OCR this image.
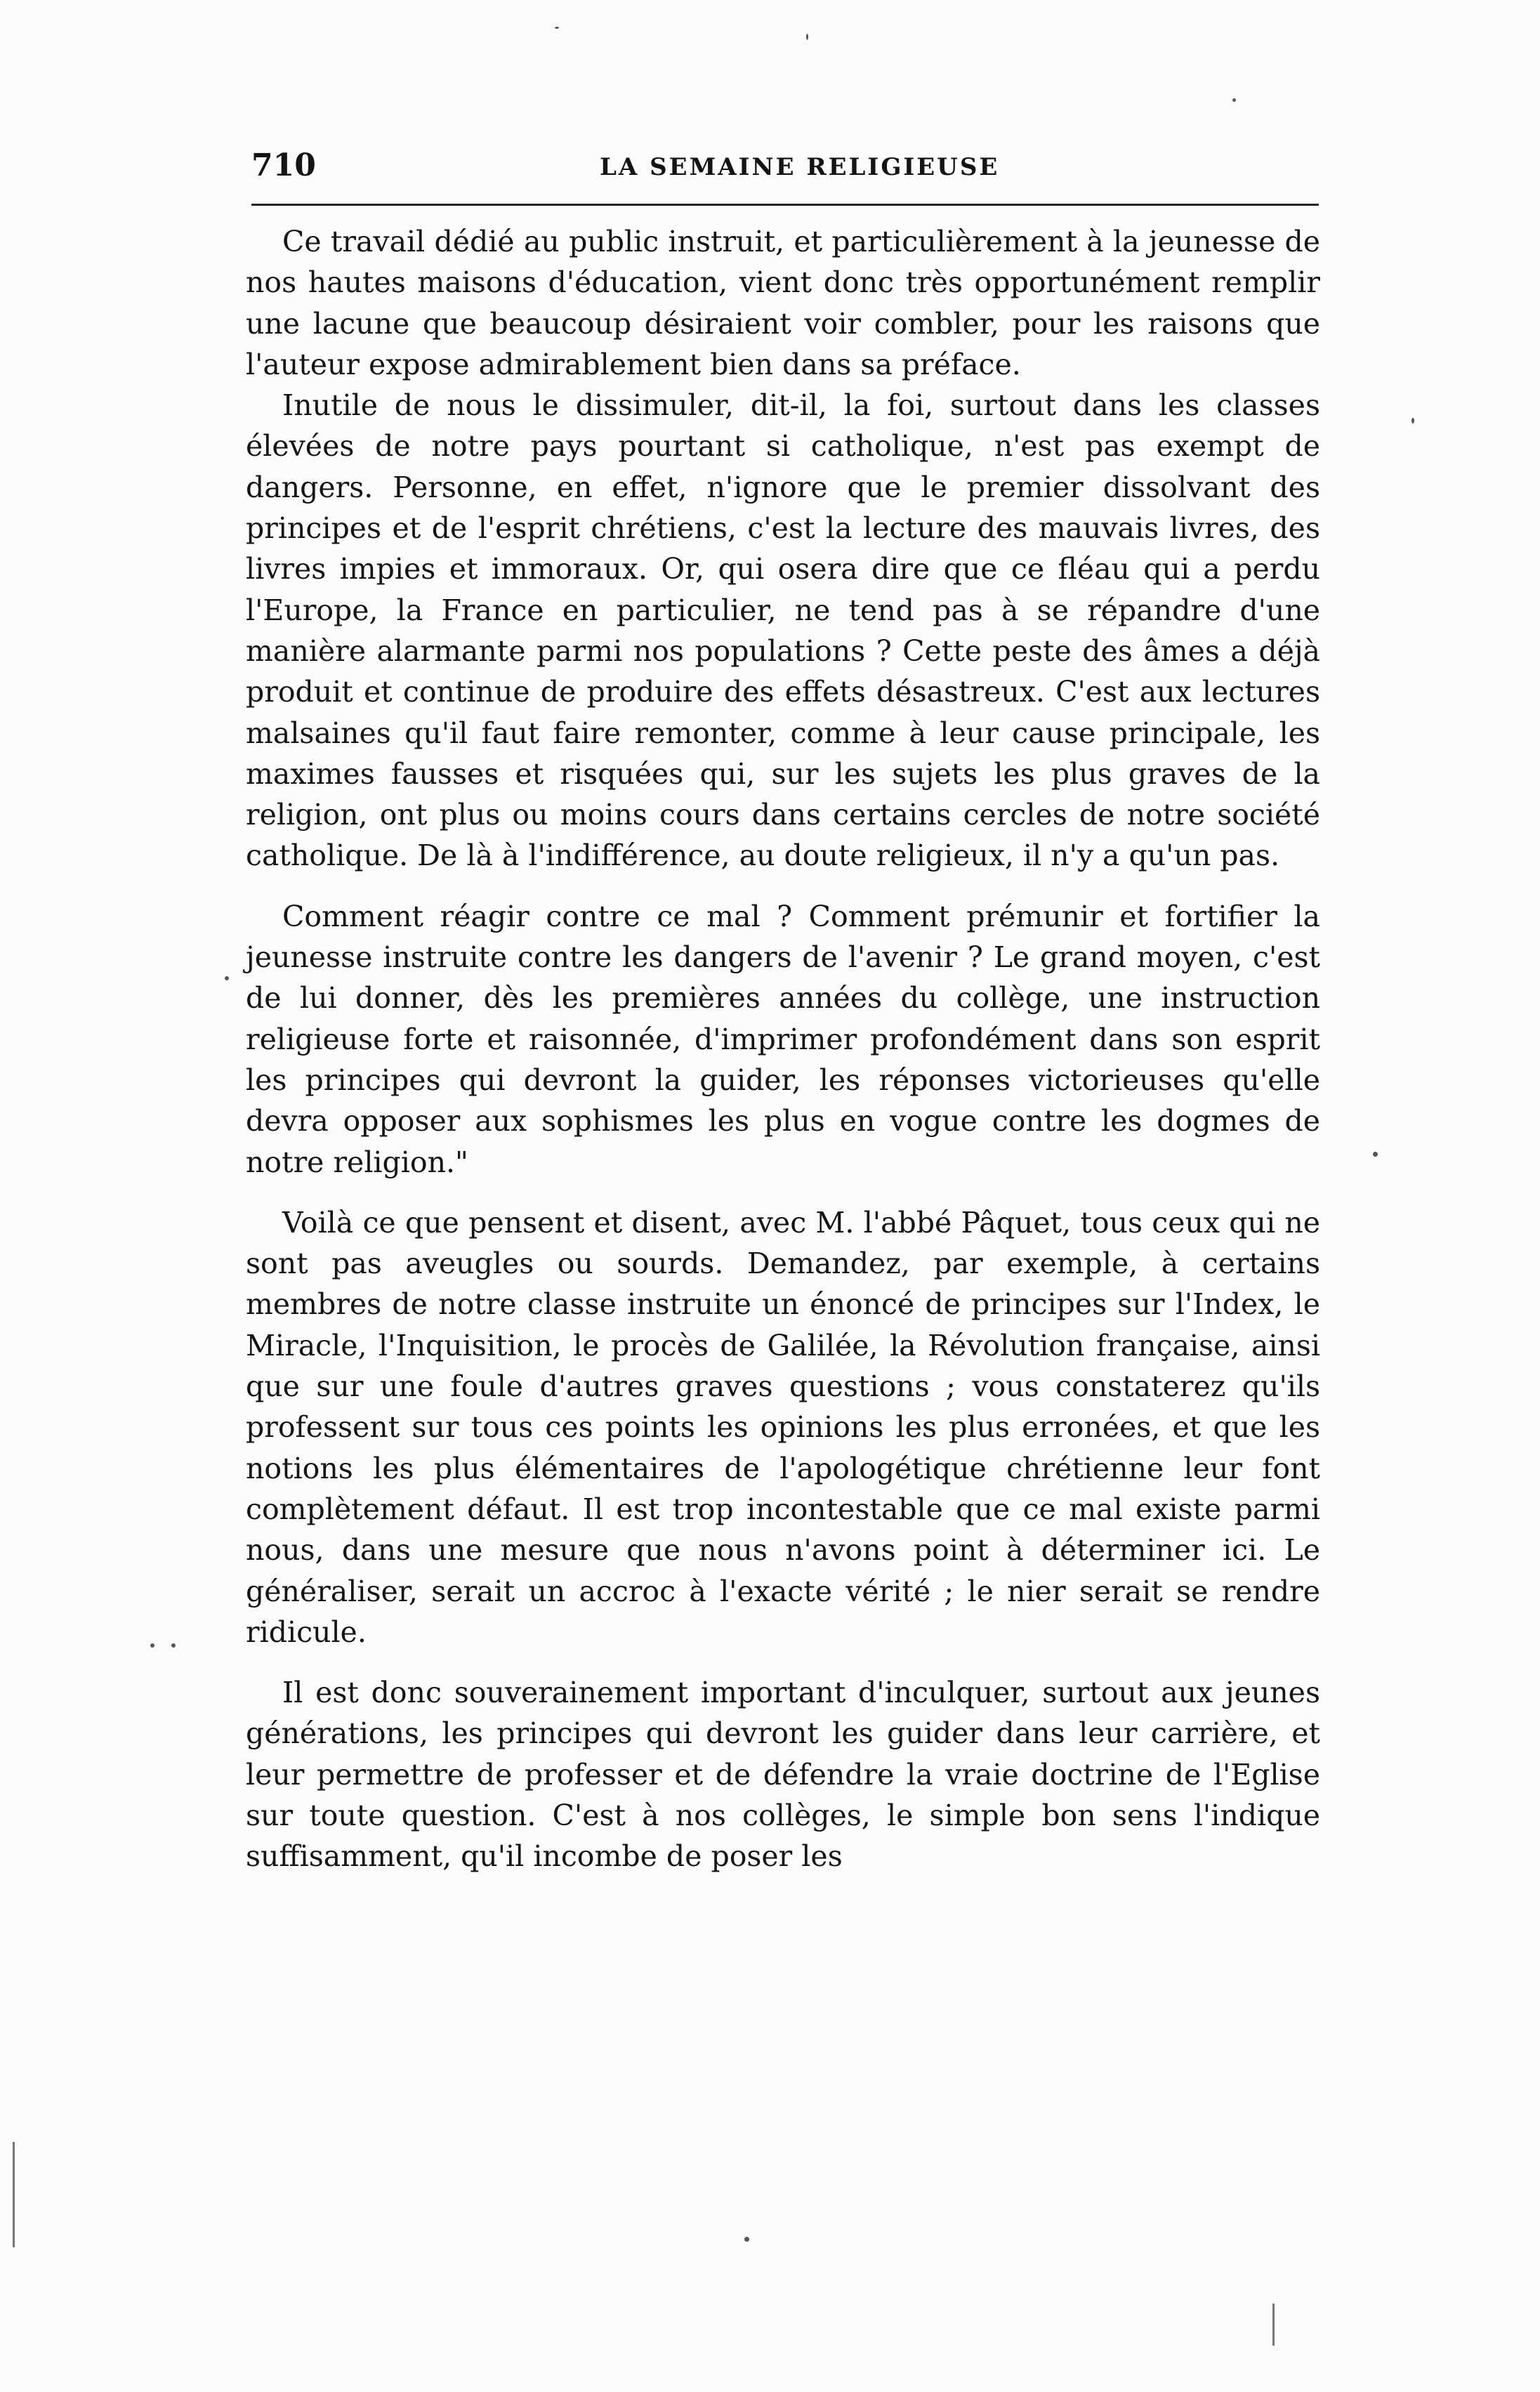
710	LA SEMAINE RELIGIEUSE

Ce travail dédié au public instruit, et particulièrement à la jeunesse de nos hautes maisons d'éducation, vient donc très opportunément remplir une lacune que beaucoup désiraient voir combler, pour les raisons que l'auteur expose admirablement bien dans sa préface.

Inutile de nous le dissimuler, dit-il, la foi, surtout dans les classes élevées de notre pays pourtant si catholique, n'est pas exempt de dangers. Personne, en effet, n'ignore que le premier dissolvant des principes et de l'esprit chrétiens, c'est la lecture des mauvais livres, des livres impies et immoraux. Or, qui osera dire que ce fléau qui a perdu l'Europe, la France en particulier, ne tend pas à se répandre d'une manière alarmante parmi nos populations ? Cette peste des âmes a déjà produit et continue de produire des effets désastreux. C'est aux lectures malsaines qu'il faut faire remonter, comme à leur cause principale, les maximes fausses et risquées qui, sur les sujets les plus graves de la religion, ont plus ou moins cours dans certains cercles de notre société catholique. De là à l'indifférence, au doute religieux, il n'y a qu'un pas.

Comment réagir contre ce mal ? Comment prémunir et fortifier la jeunesse instruite contre les dangers de l'avenir ? Le grand moyen, c'est de lui donner, dès les premières années du collège, une instruction religieuse forte et raisonnée, d'imprimer profondément dans son esprit les principes qui devront la guider, les réponses victorieuses qu'elle devra opposer aux sophismes les plus en vogue contre les dogmes de notre religion."

Voilà ce que pensent et disent, avec M. l'abbé Pâquet, tous ceux qui ne sont pas aveugles ou sourds. Demandez, par exemple, à certains membres de notre classe instruite un énoncé de principes sur l'Index, le Miracle, l'Inquisition, le procès de Galilée, la Révolution française, ainsi que sur une foule d'autres graves questions ; vous constaterez qu'ils professent sur tous ces points les opinions les plus erronées, et que les notions les plus élémentaires de l'apologétique chrétienne leur font complètement défaut. Il est trop incontestable que ce mal existe parmi nous, dans une mesure que nous n'avons point à déterminer ici. Le généraliser, serait un accroc à l'exacte vérité ; le nier serait se rendre ridicule.

Il est donc souverainement important d'inculquer, surtout aux jeunes générations, les principes qui devront les guider dans leur carrière, et leur permettre de professer et de défendre la vraie doctrine de l'Eglise sur toute question. C'est à nos collèges, le simple bon sens l'indique suffisamment, qu'il incombe de poser les
